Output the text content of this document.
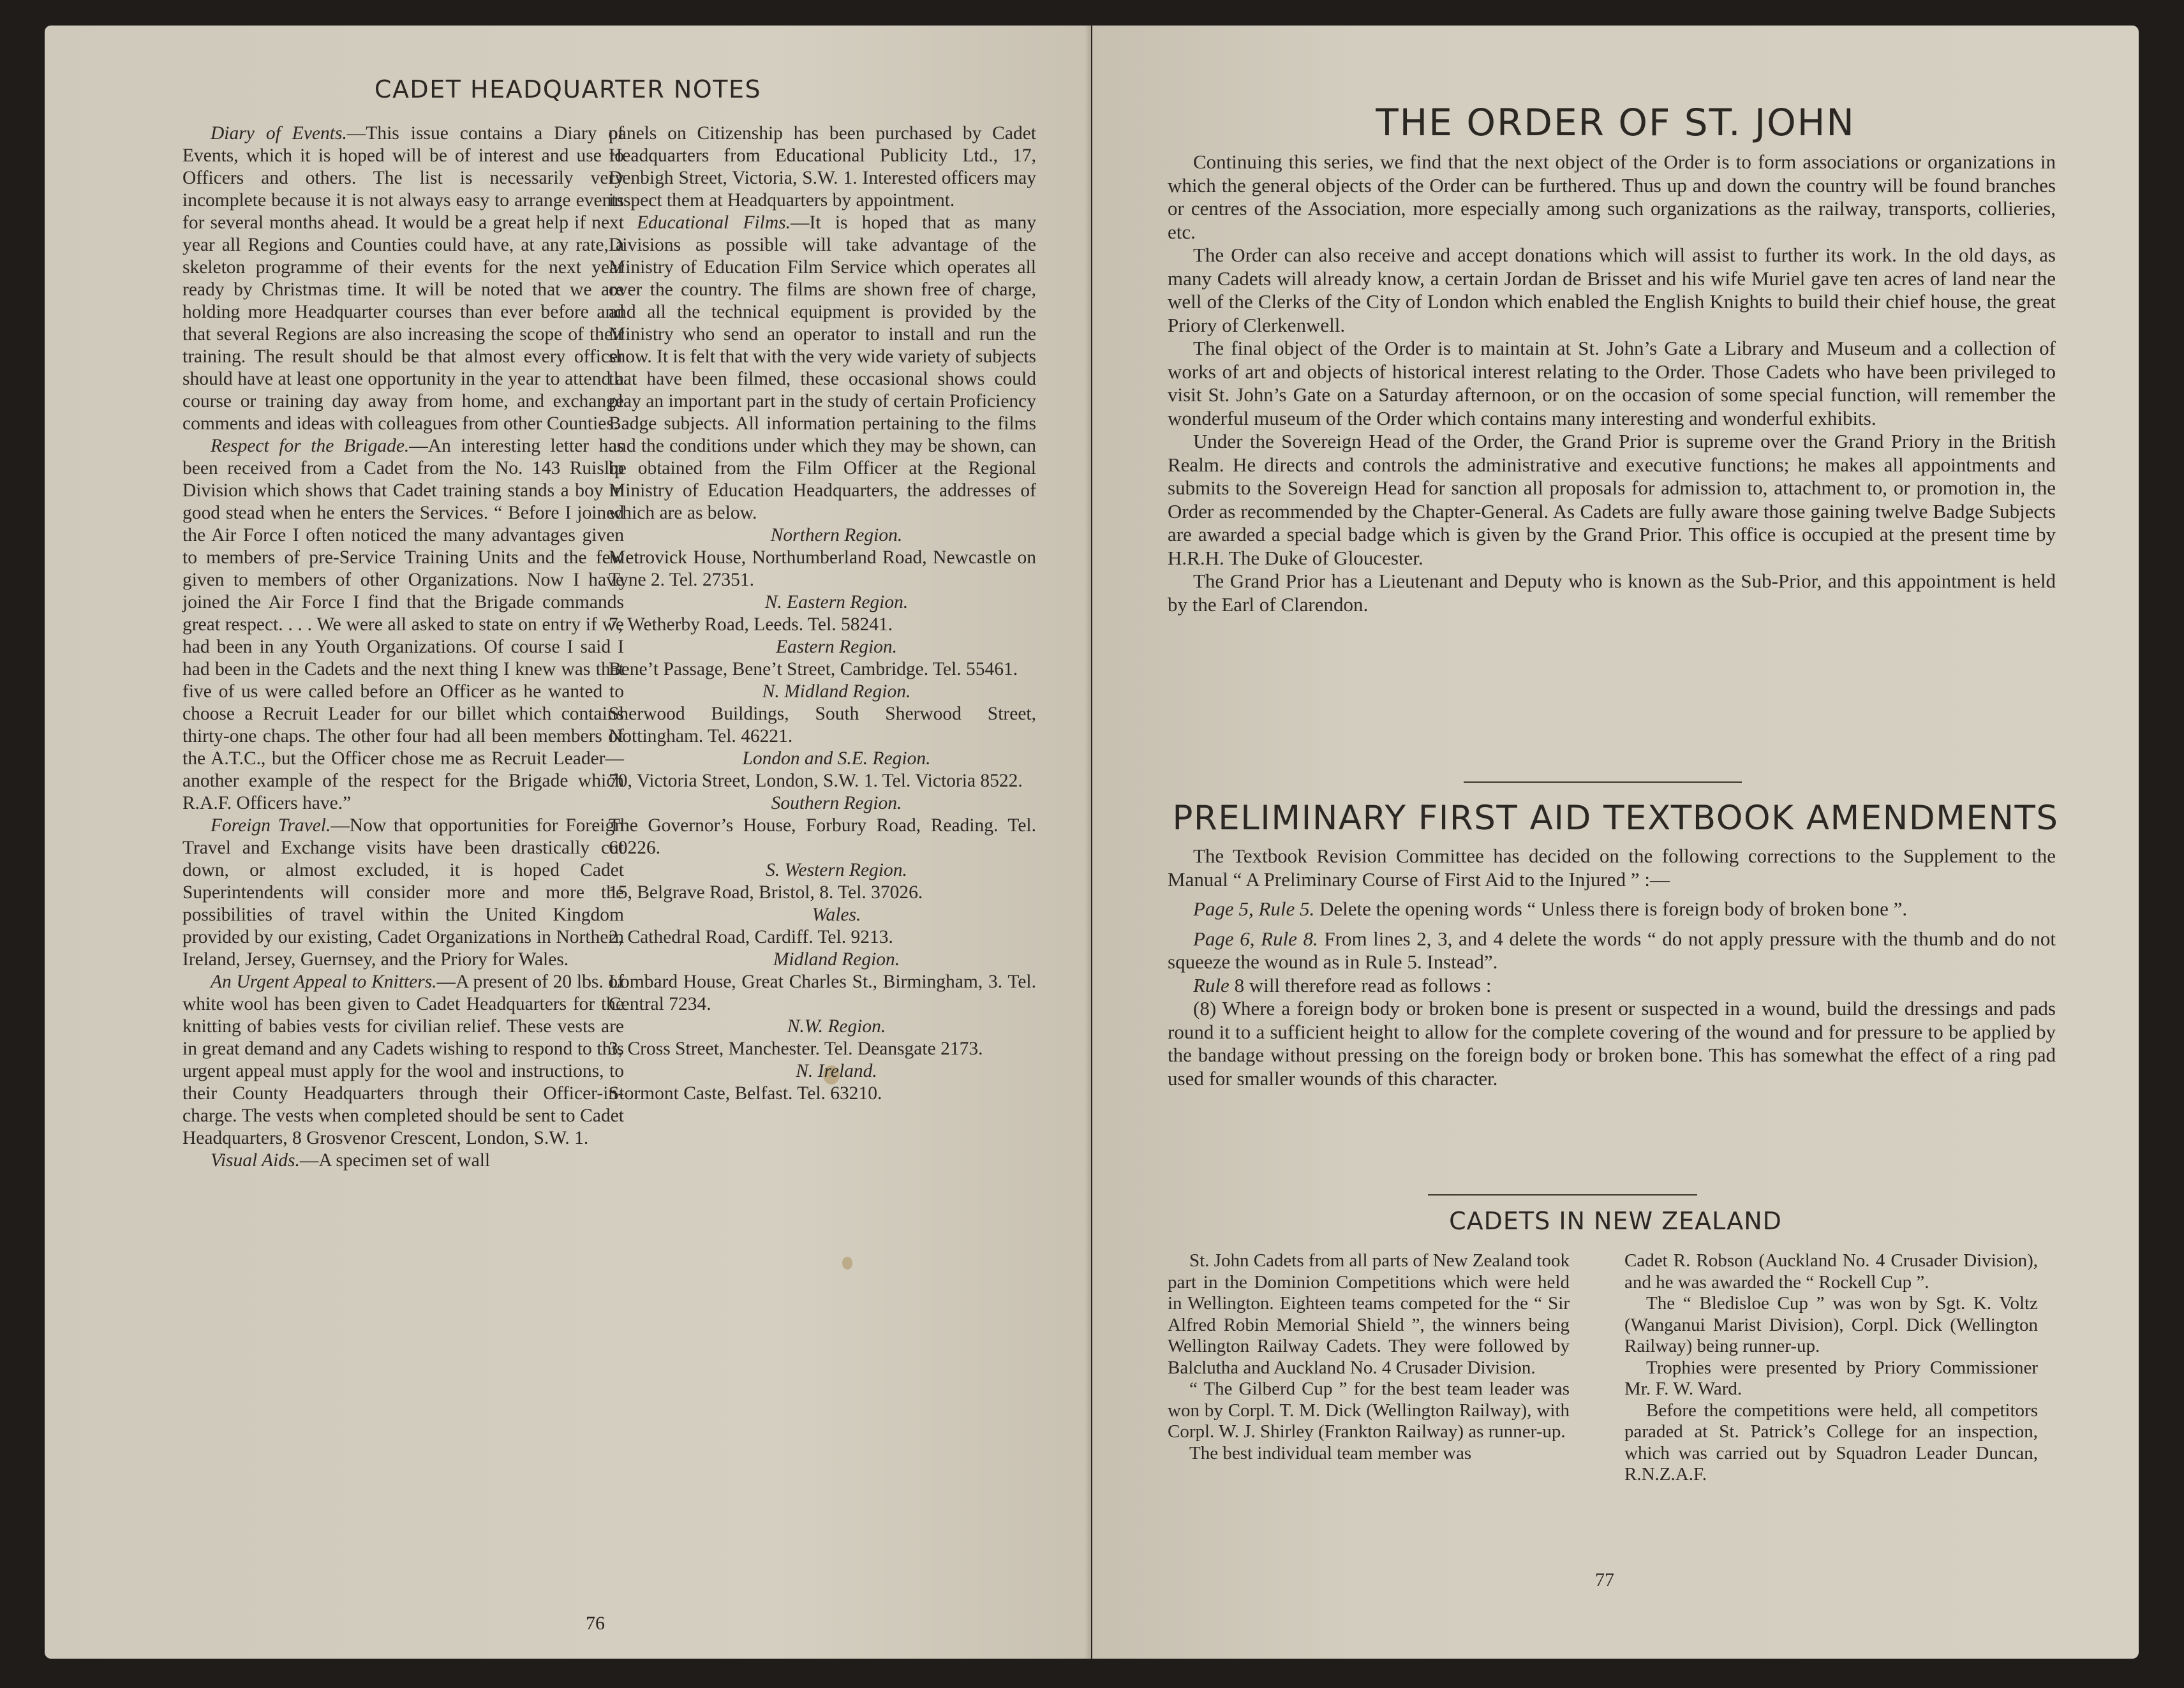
CADET HEADQUARTER NOTES

Diary of Events.—This issue contains a Diary of Events, which it is hoped will be of interest and use to Officers and others. The list is necessarily very incomplete because it is not always easy to arrange events for several months ahead. It would be a great help if next year all Regions and Counties could have, at any rate, a skeleton programme of their events for the next year ready by Christmas time. It will be noted that we are holding more Headquarter courses than ever before and that several Regions are also increasing the scope of their training. The result should be that almost every officer should have at least one opportunity in the year to attend a course or training day away from home, and exchange comments and ideas with colleagues from other Counties.

Respect for the Brigade.—An interesting letter has been received from a Cadet from the No. 143 Ruislip Division which shows that Cadet training stands a boy in good stead when he enters the Services. “ Before I joined the Air Force I often noticed the many advantages given to members of pre-Service Training Units and the few given to members of other Organizations. Now I have joined the Air Force I find that the Brigade commands great respect. . . . We were all asked to state on entry if we had been in any Youth Organizations. Of course I said I had been in the Cadets and the next thing I knew was that five of us were called before an Officer as he wanted to choose a Recruit Leader for our billet which contains thirty-one chaps. The other four had all been members of the A.T.C., but the Officer chose me as Recruit Leader—another example of the respect for the Brigade which R.A.F. Officers have.”

Foreign Travel.—Now that opportunities for Foreign Travel and Exchange visits have been drastically cut down, or almost excluded, it is hoped Cadet Superintendents will consider more and more the possibilities of travel within the United Kingdom provided by our existing, Cadet Organizations in Northern Ireland, Jersey, Guernsey, and the Priory for Wales.

An Urgent Appeal to Knitters.—A present of 20 lbs. of white wool has been given to Cadet Headquarters for the knitting of babies vests for civilian relief. These vests are in great demand and any Cadets wishing to respond to this urgent appeal must apply for the wool and instructions, to their County Headquarters through their Officer-in-charge. The vests when completed should be sent to Cadet Headquarters, 8 Grosvenor Crescent, London, S.W. 1.

Visual Aids.—A specimen set of wall

panels on Citizenship has been purchased by Cadet Headquarters from Educational Publicity Ltd., 17, Denbigh Street, Victoria, S.W. 1. Interested officers may inspect them at Headquarters by appointment.

Educational Films.—It is hoped that as many Divisions as possible will take advantage of the Ministry of Education Film Service which operates all over the country. The films are shown free of charge, and all the technical equipment is provided by the Ministry who send an operator to install and run the show. It is felt that with the very wide variety of subjects that have been filmed, these occasional shows could play an important part in the study of certain Proficiency Badge subjects. All information pertaining to the films and the conditions under which they may be shown, can be obtained from the Film Officer at the Regional Ministry of Education Headquarters, the addresses of which are as below.

Northern Region.

Metrovick House, Northumberland Road, Newcastle on Tyne 2. Tel. 27351.

N. Eastern Region.

7, Wetherby Road, Leeds. Tel. 58241.

Eastern Region.

Bene’t Passage, Bene’t Street, Cambridge. Tel. 55461.

N. Midland Region.

Sherwood Buildings, South Sherwood Street, Nottingham. Tel. 46221.

London and S.E. Region.

70, Victoria Street, London, S.W. 1. Tel. Victoria 8522.

Southern Region.

The Governor’s House, Forbury Road, Reading. Tel. 60226.

S. Western Region.

15, Belgrave Road, Bristol, 8. Tel. 37026.

Wales.

2, Cathedral Road, Cardiff. Tel. 9213.

Midland Region.

Lombard House, Great Charles St., Birmingham, 3. Tel. Central 7234.

N.W. Region.

3, Cross Street, Manchester. Tel. Deansgate 2173.

N. Ireland.

Stormont Caste, Belfast. Tel. 63210.

76
THE ORDER OF ST. JOHN

Continuing this series, we find that the next object of the Order is to form associations or organizations in which the general objects of the Order can be furthered. Thus up and down the country will be found branches or centres of the Association, more especially among such organizations as the railway, transports, collieries, etc.

The Order can also receive and accept donations which will assist to further its work. In the old days, as many Cadets will already know, a certain Jordan de Brisset and his wife Muriel gave ten acres of land near the well of the Clerks of the City of London which enabled the English Knights to build their chief house, the great Priory of Clerkenwell.

The final object of the Order is to maintain at St. John’s Gate a Library and Museum and a collection of works of art and objects of historical interest relating to the Order. Those Cadets who have been privileged to visit St. John’s Gate on a Saturday afternoon, or on the occasion of some special function, will remember the wonderful museum of the Order which contains many interesting and wonderful exhibits.

Under the Sovereign Head of the Order, the Grand Prior is supreme over the Grand Priory in the British Realm. He directs and controls the administrative and executive functions; he makes all appointments and submits to the Sovereign Head for sanction all proposals for admission to, attachment to, or promotion in, the Order as recommended by the Chapter-General. As Cadets are fully aware those gaining twelve Badge Subjects are awarded a special badge which is given by the Grand Prior. This office is occupied at the present time by H.R.H. The Duke of Gloucester.

The Grand Prior has a Lieutenant and Deputy who is known as the Sub-Prior, and this appointment is held by the Earl of Clarendon.

PRELIMINARY FIRST AID TEXTBOOK AMENDMENTS

The Textbook Revision Committee has decided on the following corrections to the Supplement to the Manual “ A Preliminary Course of First Aid to the Injured ” :—

Page 5, Rule 5. Delete the opening words “ Unless there is foreign body of broken bone ”.

Page 6, Rule 8. From lines 2, 3, and 4 delete the words “ do not apply pressure with the thumb and do not squeeze the wound as in Rule 5. Instead”.

Rule 8 will therefore read as follows :

(8) Where a foreign body or broken bone is present or suspected in a wound, build the dressings and pads round it to a sufficient height to allow for the complete covering of the wound and for pressure to be applied by the bandage without pressing on the foreign body or broken bone. This has somewhat the effect of a ring pad used for smaller wounds of this character.

CADETS IN NEW ZEALAND

St. John Cadets from all parts of New Zealand took part in the Dominion Competitions which were held in Wellington. Eighteen teams competed for the “ Sir Alfred Robin Memorial Shield ”, the winners being Wellington Railway Cadets. They were followed by Balclutha and Auckland No. 4 Crusader Division.

“ The Gilberd Cup ” for the best team leader was won by Corpl. T. M. Dick (Wellington Railway), with Corpl. W. J. Shirley (Frankton Railway) as runner-up.

The best individual team member was

Cadet R. Robson (Auckland No. 4 Crusader Division), and he was awarded the “ Rockell Cup ”.

The “ Bledisloe Cup ” was won by Sgt. K. Voltz (Wanganui Marist Division), Corpl. Dick (Wellington Railway) being runner-up.

Trophies were presented by Priory Commissioner Mr. F. W. Ward.

Before the competitions were held, all competitors paraded at St. Patrick’s College for an inspection, which was carried out by Squadron Leader Duncan, R.N.Z.A.F.

77
